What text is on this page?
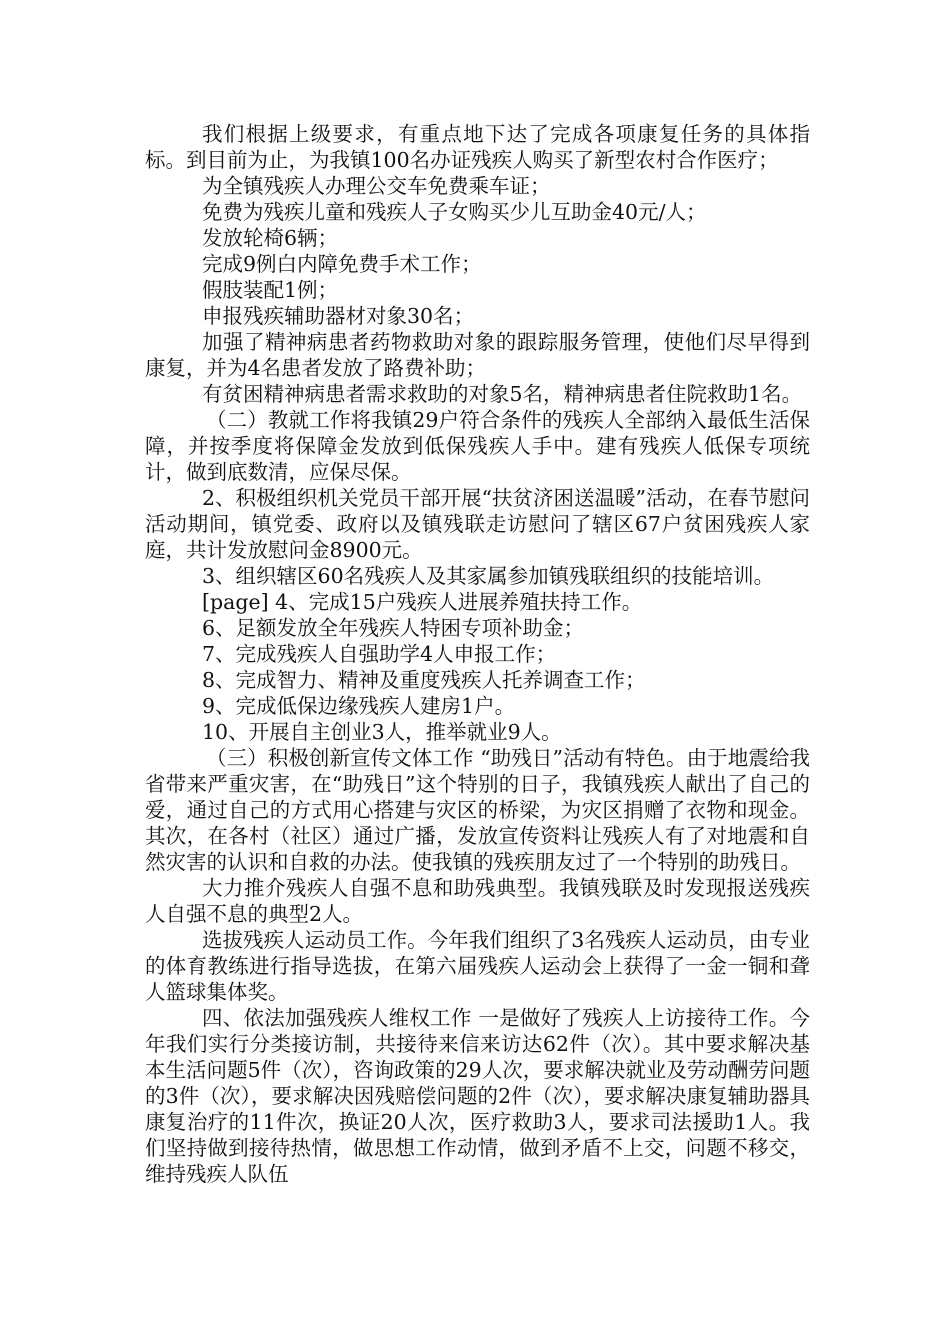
我们根据上级要求，有重点地下达了完成各项康复任务的具体指标。到目前为止，为我镇100名办证残疾人购买了新型农村合作医疗；

为全镇残疾人办理公交车免费乘车证；

免费为残疾儿童和残疾人子女购买少儿互助金40元/人；

发放轮椅6辆；

完成9例白内障免费手术工作；

假肢装配1例；

申报残疾辅助器材对象30名；

加强了精神病患者药物救助对象的跟踪服务管理，使他们尽早得到康复，并为4名患者发放了路费补助；

有贫困精神病患者需求救助的对象5名，精神病患者住院救助1名。

（二）教就工作将我镇29户符合条件的残疾人全部纳入最低生活保障，并按季度将保障金发放到低保残疾人手中。建有残疾人低保专项统计，做到底数清，应保尽保。

2、积极组织机关党员干部开展“扶贫济困送温暖”活动，在春节慰问活动期间，镇党委、政府以及镇残联走访慰问了辖区67户贫困残疾人家庭，共计发放慰问金8900元。

3、组织辖区60名残疾人及其家属参加镇残联组织的技能培训。

[page] 4、完成15户残疾人进展养殖扶持工作。

6、足额发放全年残疾人特困专项补助金；

7、完成残疾人自强助学4人申报工作；

8、完成智力、精神及重度残疾人托养调查工作；

9、完成低保边缘残疾人建房1户。

10、开展自主创业3人，推举就业9人。

（三）积极创新宣传文体工作 “助残日”活动有特色。由于地震给我省带来严重灾害，在“助残日”这个特别的日子，我镇残疾人献出了自己的爱，通过自己的方式用心搭建与灾区的桥梁，为灾区捐赠了衣物和现金。其次，在各村（社区）通过广播，发放宣传资料让残疾人有了对地震和自然灾害的认识和自救的办法。使我镇的残疾朋友过了一个特别的助残日。

大力推介残疾人自强不息和助残典型。我镇残联及时发现报送残疾人自强不息的典型2人。

选拔残疾人运动员工作。今年我们组织了3名残疾人运动员，由专业的体育教练进行指导选拔，在第六届残疾人运动会上获得了一金一铜和聋人篮球集体奖。

四、依法加强残疾人维权工作 一是做好了残疾人上访接待工作。今年我们实行分类接访制，共接待来信来访达62件（次）。其中要求解决基本生活问题5件（次），咨询政策的29人次，要求解决就业及劳动酬劳问题的3件（次），要求解决因残赔偿问题的2件（次），要求解决康复辅助器具康复治疗的11件次，换证20人次，医疗救助3人，要求司法援助1人。我们坚持做到接待热情，做思想工作动情，做到矛盾不上交，问题不移交，维持残疾人队伍
